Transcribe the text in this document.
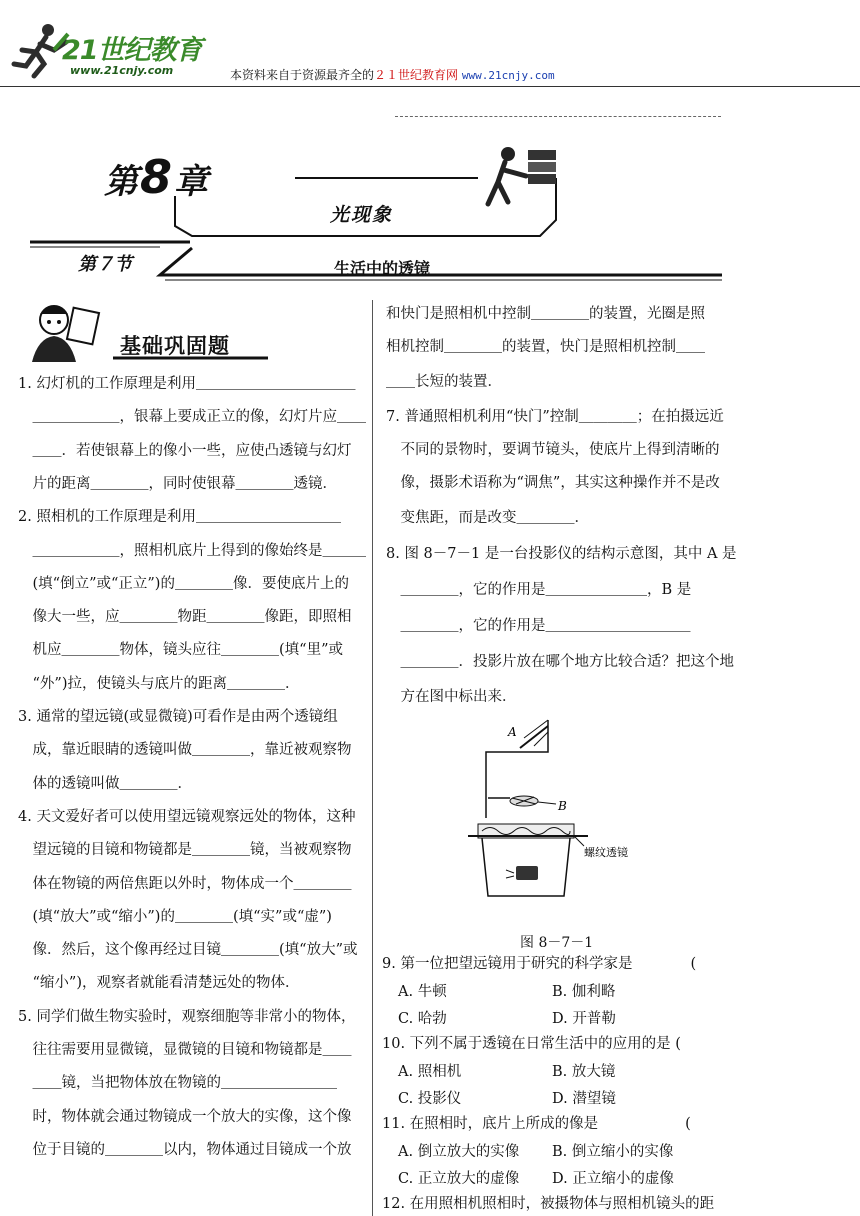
21世纪教育
www.21cnjy.com	本资料来自于资源最齐全的２１世纪教育网 www.21cnjy.com
第8章
光现象
第７节	生活中的透镜
基础巩固题
1. 幻灯机的工作原理是利用＿＿＿＿＿＿＿＿＿＿＿
　＿＿＿＿＿＿，银幕上要成正立的像，幻灯片应＿＿
　＿＿．若使银幕上的像小一些，应使凸透镜与幻灯
　片的距离＿＿＿＿，同时使银幕＿＿＿＿透镜．
2. 照相机的工作原理是利用＿＿＿＿＿＿＿＿＿＿
　＿＿＿＿＿＿，照相机底片上得到的像始终是＿＿＿
　(填“倒立”或“正立”)的＿＿＿＿像．要使底片上的
　像大一些，应＿＿＿＿物距＿＿＿＿像距，即照相
　机应＿＿＿＿物体，镜头应往＿＿＿＿(填“里”或
　“外”)拉，使镜头与底片的距离＿＿＿＿．
3. 通常的望远镜(或显微镜)可看作是由两个透镜组
　成，靠近眼睛的透镜叫做＿＿＿＿，靠近被观察物
　体的透镜叫做＿＿＿＿．
4. 天文爱好者可以使用望远镜观察远处的物体，这种
　望远镜的目镜和物镜都是＿＿＿＿镜，当被观察物
　体在物镜的两倍焦距以外时，物体成一个＿＿＿＿
　(填“放大”或“缩小”)的＿＿＿＿(填“实”或“虚”)
　像．然后，这个像再经过目镜＿＿＿＿(填“放大”或
　“缩小”)，观察者就能看清楚远处的物体．
5. 同学们做生物实验时，观察细胞等非常小的物体，
　往往需要用显微镜，显微镜的目镜和物镜都是＿＿
　＿＿镜，当把物体放在物镜的＿＿＿＿＿＿＿＿
　时，物体就会通过物镜成一个放大的实像，这个像
　位于目镜的＿＿＿＿以内，物体通过目镜成一个放
和快门是照相机中控制＿＿＿＿的装置，光圈是照
相机控制＿＿＿＿的装置，快门是照相机控制＿＿
＿＿长短的装置．
7. 普通照相机利用“快门”控制＿＿＿＿；在拍摄远近
　不同的景物时，要调节镜头，使底片上得到清晰的
　像，摄影术语称为“调焦”，其实这种操作并不是改
　变焦距，而是改变＿＿＿＿．
8. 图 8－7－1 是一台投影仪的结构示意图，其中 A 是
　＿＿＿＿，它的作用是＿＿＿＿＿＿＿，B 是
　＿＿＿＿，它的作用是＿＿＿＿＿＿＿＿＿＿
　＿＿＿＿．投影片放在哪个地方比较合适？把这个地
　方在图中标出来．
A
B
螺纹透镜
图 8－7－1
9. 第一位把望远镜用于研究的科学家是　　　　(
A. 牛顿	B. 伽利略
C. 哈勃	D. 开普勒
10. 下列不属于透镜在日常生活中的应用的是 (
A. 照相机	B. 放大镜
C. 投影仪	D. 潜望镜
11. 在照相时，底片上所成的像是　　　　　　(
A. 倒立放大的实像 B. 倒立缩小的实像
C. 正立放大的虚像 D. 正立缩小的虚像
12. 在用照相机照相时，被摄物体与照相机镜头的距
